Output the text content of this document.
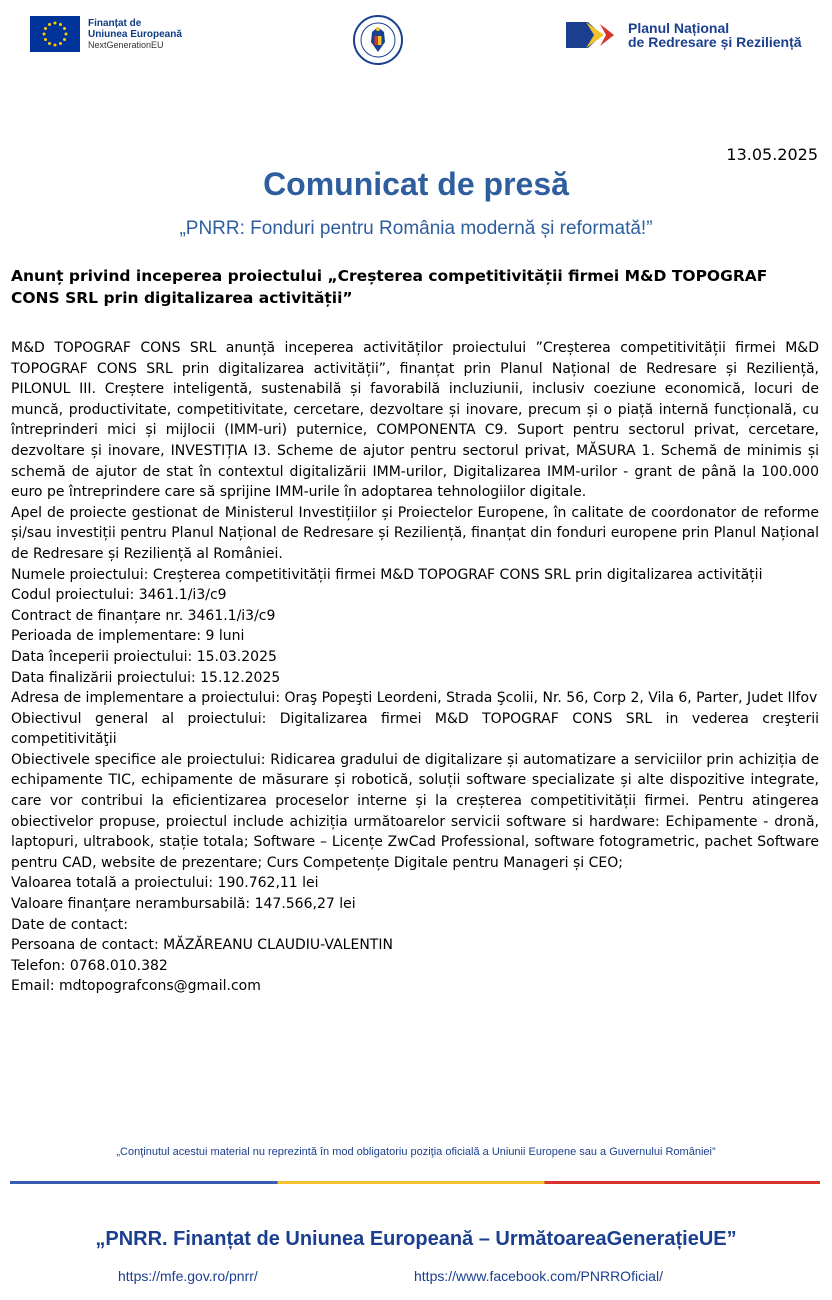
Finanțat de
Uniunea Europeană
NextGenerationEU
Planul Național
de Redresare și Reziliență
13.05.2025
Comunicat de presă
„PNRR: Fonduri pentru România modernă și reformată!”
Anunț privind inceperea proiectului „Creșterea competitivității firmei M&D TOPOGRAF CONS SRL prin digitalizarea activității”

M&D TOPOGRAF CONS SRL anunță inceperea activităților proiectului ”Creșterea competitivității firmei M&D TOPOGRAF CONS SRL prin digitalizarea activității”, finanțat prin Planul Național de Redresare și Reziliență, PILONUL III. Creștere inteligentă, sustenabilă și favorabilă incluziunii, inclusiv coeziune economică, locuri de muncă, productivitate, competitivitate, cercetare, dezvoltare și inovare, precum și o piață internă funcțională, cu întreprinderi mici și mijlocii (IMM-uri) puternice, COMPONENTA C9. Suport pentru sectorul privat, cercetare, dezvoltare și inovare, INVESTIȚIA I3. Scheme de ajutor pentru sectorul privat, MĂSURA 1. Schemă de minimis și schemă de ajutor de stat în contextul digitalizării IMM-urilor, Digitalizarea IMM-urilor - grant de până la 100.000 euro pe întreprindere care să sprijine IMM-urile în adoptarea tehnologiilor digitale.

Apel de proiecte gestionat de Ministerul Investițiilor și Proiectelor Europene, în calitate de coordonator de reforme și/sau investiții pentru Planul Național de Redresare și Reziliență, finanțat din fonduri europene prin Planul Național de Redresare și Reziliență al României.

Numele proiectului: Creșterea competitivității firmei M&D TOPOGRAF CONS SRL prin digitalizarea activității

Codul proiectului: 3461.1/i3/c9

Contract de finanțare nr. 3461.1/i3/c9

Perioada de implementare: 9 luni

Data începerii proiectului: 15.03.2025

Data finalizării proiectului: 15.12.2025

Adresa de implementare a proiectului: Oraş Popeşti Leordeni, Strada Şcolii, Nr. 56, Corp 2, Vila 6, Parter, Judet Ilfov

Obiectivul general al proiectului: Digitalizarea firmei M&D TOPOGRAF CONS SRL in vederea creşterii competitivităţii

Obiectivele specifice ale proiectului: Ridicarea gradului de digitalizare și automatizare a serviciilor prin achiziția de echipamente TIC, echipamente de măsurare și robotică, soluții software specializate și alte dispozitive integrate, care vor contribui la eficientizarea proceselor interne și la creșterea competitivității firmei. Pentru atingerea obiectivelor propuse, proiectul include achiziția următoarelor servicii software si hardware: Echipamente - dronă, laptopuri, ultrabook, stație totala; Software – Licențe ZwCad Professional, software fotogrametric, pachet Software pentru CAD, website de prezentare; Curs Competențe Digitale pentru Manageri și CEO;

Valoarea totală a proiectului: 190.762,11 lei

Valoare finanțare nerambursabilă: 147.566,27 lei

Date de contact:

Persoana de contact: MĂZĂREANU CLAUDIU-VALENTIN

Telefon: 0768.010.382

Email: mdtopografcons@gmail.com

„Conţinutul acestui material nu reprezintă în mod obligatoriu poziţia oficială a Uniunii Europene sau a Guvernului României”
„PNRR. Finanțat de Uniunea Europeană – UrmătoareaGenerațieUE”
https://mfe.gov.ro/pnrr/	https://www.facebook.com/PNRROficial/
